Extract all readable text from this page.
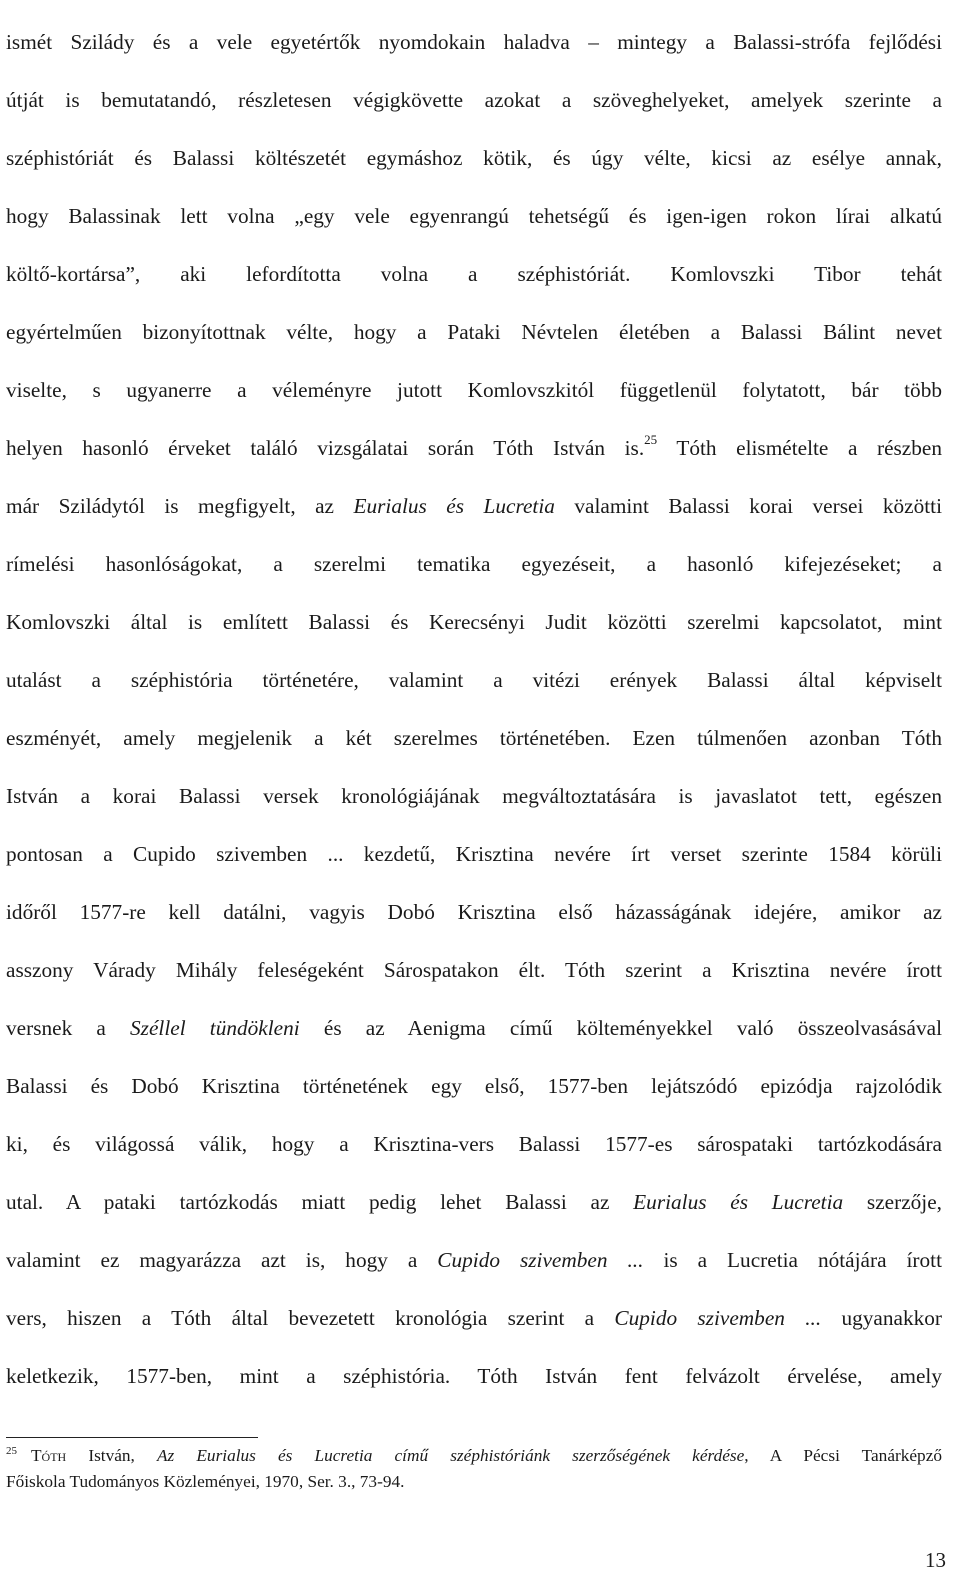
ismét Szilády és a vele egyetértők nyomdokain haladva – mintegy a Balassi-strófa fejlődési
útját is bemutatandó, részletesen végigkövette azokat a szöveghelyeket, amelyek szerinte a
széphistóriát és Balassi költészetét egymáshoz kötik, és úgy vélte, kicsi az esélye annak,
hogy Balassinak lett volna „egy vele egyenrangú tehetségű és igen-igen rokon lírai alkatú
költő-kortársa”, aki lefordította volna a széphistóriát. Komlovszki Tibor tehát
egyértelműen bizonyítottnak vélte, hogy a Pataki Névtelen életében a Balassi Bálint nevet
viselte, s ugyanerre a véleményre jutott Komlovszkitól függetlenül folytatott, bár több
helyen hasonló érveket találó vizsgálatai során Tóth István is.$^{25}$ Tóth elismételte a részben
már Sziládytól is megfigyelt, az Eurialus és Lucretia valamint Balassi korai versei közötti
rímelési hasonlóságokat, a szerelmi tematika egyezéseit, a hasonló kifejezéseket; a
Komlovszki által is említett Balassi és Kerecsényi Judit közötti szerelmi kapcsolatot, mint
utalást a széphistória történetére, valamint a vitézi erények Balassi által képviselt
eszményét, amely megjelenik a két szerelmes történetében. Ezen túlmenően azonban Tóth
István a korai Balassi versek kronológiájának megváltoztatására is javaslatot tett, egészen
pontosan a Cupido szivemben ... kezdetű, Krisztina nevére írt verset szerinte 1584 körüli
időről 1577-re kell datálni, vagyis Dobó Krisztina első házasságának idejére, amikor az
asszony Várady Mihály feleségeként Sárospatakon élt. Tóth szerint a Krisztina nevére írott
versnek a Széllel tündökleni és az Aenigma című költeményekkel való összeolvasásával
Balassi és Dobó Krisztina történetének egy első, 1577-ben lejátszódó epizódja rajzolódik
ki, és világossá válik, hogy a Krisztina-vers Balassi 1577-es sárospataki tartózkodására
utal. A pataki tartózkodás miatt pedig lehet Balassi az Eurialus és Lucretia szerzője,
valamint ez magyarázza azt is, hogy a Cupido szivemben ... is a Lucretia nótájára írott
vers, hiszen a Tóth által bevezetett kronológia szerint a Cupido szivemben ... ugyanakkor
keletkezik, 1577-ben, mint a széphistória. Tóth István fent felvázolt érvelése, amely
$^{25}$ Tóth István, Az Eurialus és Lucretia című széphistóriánk szerzőségének kérdése, A Pécsi Tanárképző
Főiskola Tudományos Közleményei, 1970, Ser. 3., 73-94.
13
